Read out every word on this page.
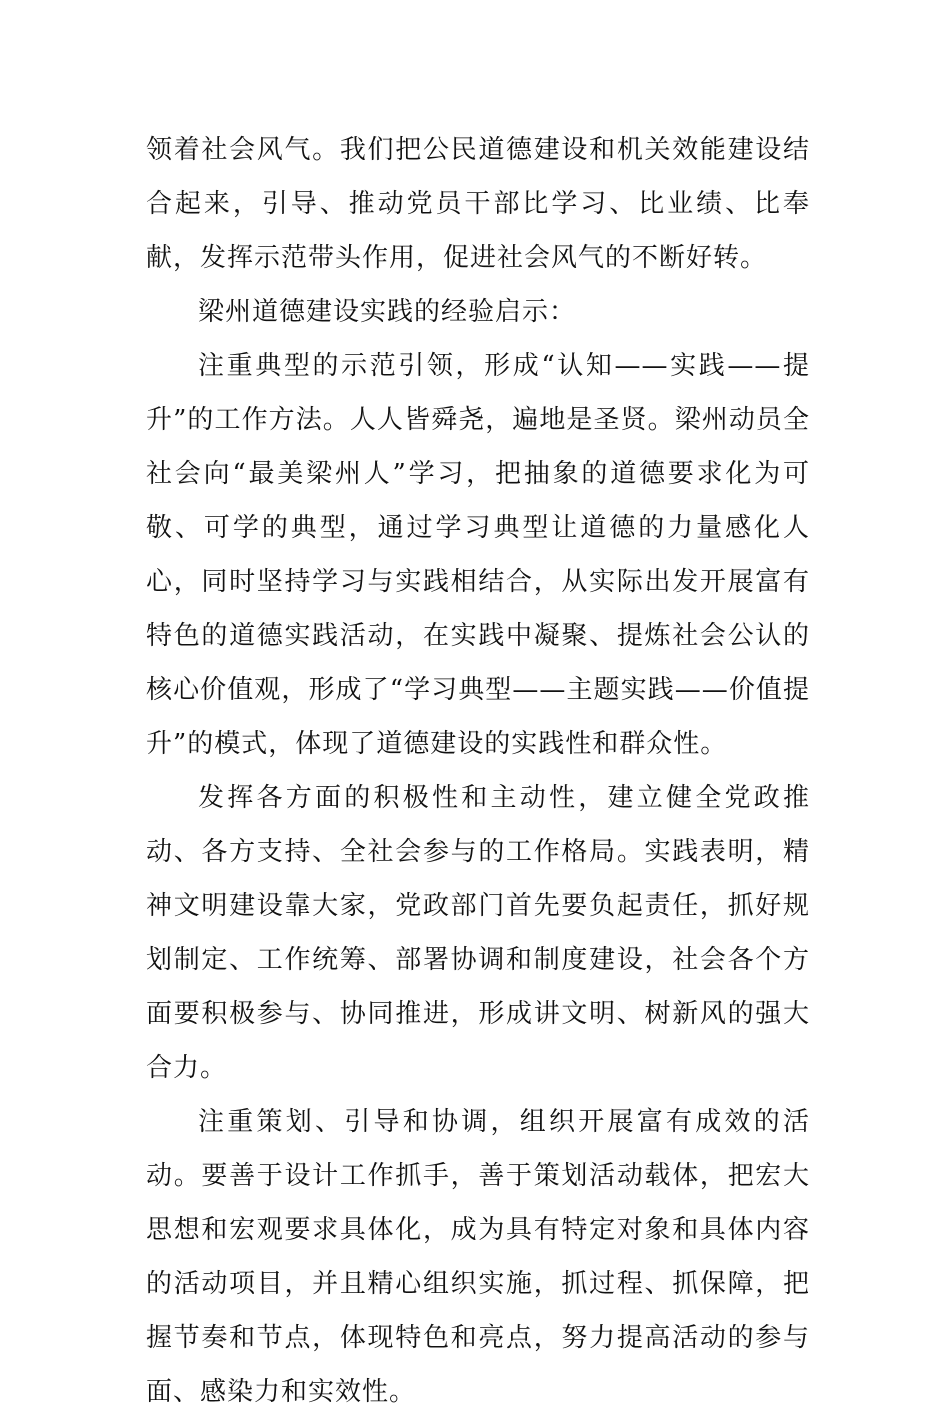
领着社会风气。我们把公民道德建设和机关效能建设结合起来，引导、推动党员干部比学习、比业绩、比奉献，发挥示范带头作用，促进社会风气的不断好转。

梁州道德建设实践的经验启示：

注重典型的示范引领，形成“认知——实践——提升”的工作方法。人人皆舜尧，遍地是圣贤。梁州动员全社会向“最美梁州人”学习，把抽象的道德要求化为可敬、可学的典型，通过学习典型让道德的力量感化人心，同时坚持学习与实践相结合，从实际出发开展富有特色的道德实践活动，在实践中凝聚、提炼社会公认的核心价值观，形成了“学习典型——主题实践——价值提升”的模式，体现了道德建设的实践性和群众性。

发挥各方面的积极性和主动性，建立健全党政推动、各方支持、全社会参与的工作格局。实践表明，精神文明建设靠大家，党政部门首先要负起责任，抓好规划制定、工作统筹、部署协调和制度建设，社会各个方面要积极参与、协同推进，形成讲文明、树新风的强大合力。

注重策划、引导和协调，组织开展富有成效的活动。要善于设计工作抓手，善于策划活动载体，把宏大思想和宏观要求具体化，成为具有特定对象和具体内容的活动项目，并且精心组织实施，抓过程、抓保障，把握节奏和节点，体现特色和亮点，努力提高活动的参与面、感染力和实效性。
